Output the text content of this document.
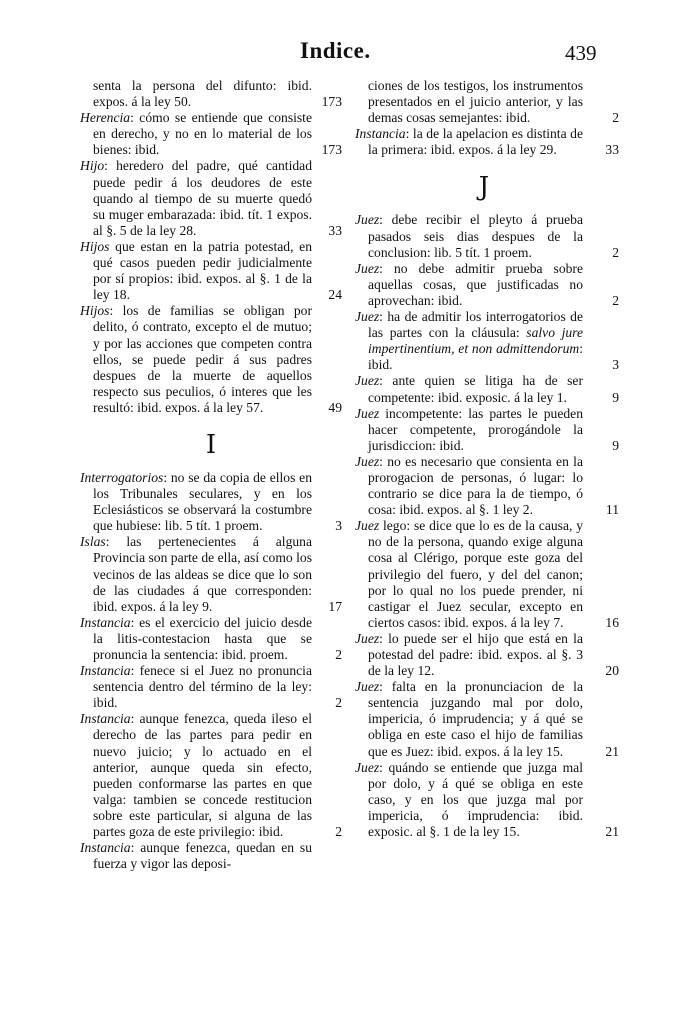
Indice.	439

senta la persona del difunto: ibid. expos. á la ley 50.	173

Herencia: cómo se entiende que consiste en derecho, y no en lo material de los bienes: ibid.	173

Hijo: heredero del padre, qué cantidad puede pedir á los deudores de este quando al tiempo de su muerte quedó su muger embarazada: ibid. tít. 1 expos. al §. 5 de la ley 28.	33

Hijos que estan en la patria potestad, en qué casos pueden pedir judicialmente por sí propios: ibid. expos. al §. 1 de la ley 18.	24

Hijos: los de familias se obligan por delito, ó contrato, excepto el de mutuo; y por las acciones que competen contra ellos, se puede pedir á sus padres despues de la muerte de aquellos respecto sus peculios, ó interes que les resultó: ibid. expos. á la ley 57.	49

I

Interrogatorios: no se da copia de ellos en los Tribunales seculares, y en los Eclesiásticos se observará la costumbre que hubiese: lib. 5 tít. 1 proem.	3

Islas: las pertenecientes á alguna Provincia son parte de ella, así como los vecinos de las aldeas se dice que lo son de las ciudades á que corresponden: ibid. expos. á la ley 9.	17

Instancia: es el exercicio del juicio desde la litis-contestacion hasta que se pronuncia la sentencia: ibid. proem.	2

Instancia: fenece si el Juez no pronuncia sentencia dentro del término de la ley: ibid.	2

Instancia: aunque fenezca, queda ileso el derecho de las partes para pedir en nuevo juicio; y lo actuado en el anterior, aunque queda sin efecto, pueden conformarse las partes en que valga: tambien se concede restitucion sobre este particular, si alguna de las partes goza de este privilegio: ibid.	2

Instancia: aunque fenezca, quedan en su fuerza y vigor las deposi-

ciones de los testigos, los instrumentos presentados en el juicio anterior, y las demas cosas semejantes: ibid.	2

Instancia: la de la apelacion es distinta de la primera: ibid. expos. á la ley 29.	33

J

Juez: debe recibir el pleyto á prueba pasados seis dias despues de la conclusion: lib. 5 tít. 1 proem.	2

Juez: no debe admitir prueba sobre aquellas cosas, que justificadas no aprovechan: ibid.	2

Juez: ha de admitir los interrogatorios de las partes con la cláusula: salvo jure impertinentium, et non admittendorum: ibid.	3

Juez: ante quien se litiga ha de ser competente: ibid. exposic. á la ley 1.	9

Juez incompetente: las partes le pueden hacer competente, prorogándole la jurisdiccion: ibid.	9

Juez: no es necesario que consienta en la prorogacion de personas, ó lugar: lo contrario se dice para la de tiempo, ó cosa: ibid. expos. al §. 1 ley 2.	11

Juez lego: se dice que lo es de la causa, y no de la persona, quando exige alguna cosa al Clérigo, porque este goza del privilegio del fuero, y del del canon; por lo qual no los puede prender, ni castigar el Juez secular, excepto en ciertos casos: ibid. expos. á la ley 7.	16

Juez: lo puede ser el hijo que está en la potestad del padre: ibid. expos. al §. 3 de la ley 12.	20

Juez: falta en la pronunciacion de la sentencia juzgando mal por dolo, impericia, ó imprudencia; y á qué se obliga en este caso el hijo de familias que es Juez: ibid. expos. á la ley 15.	21

Juez: quándo se entiende que juzga mal por dolo, y á qué se obliga en este caso, y en los que juzga mal por impericia, ó imprudencia: ibid. exposic. al §. 1 de la ley 15.	21
